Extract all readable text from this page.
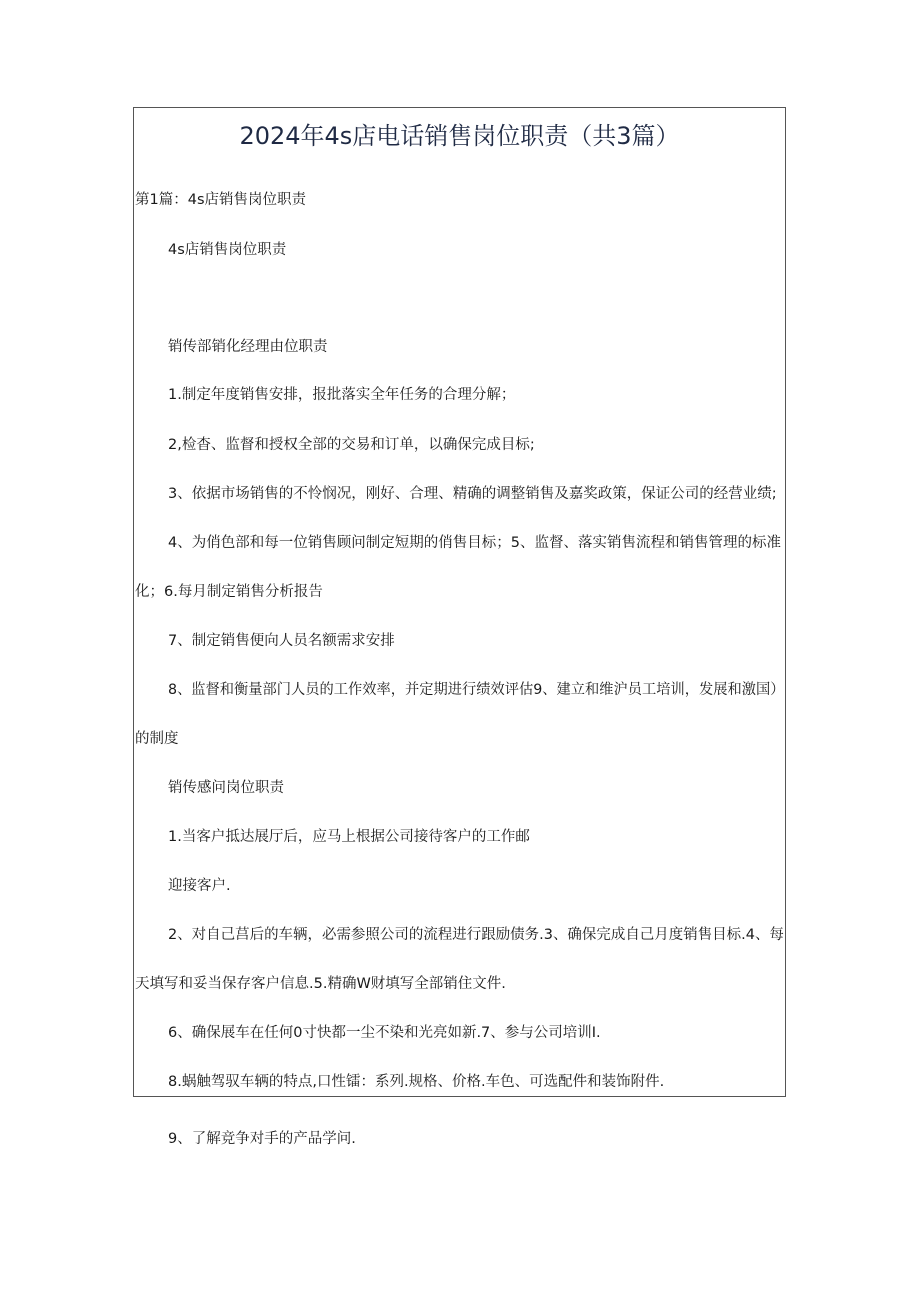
2024年4s店电话销售岗位职责（共3篇）
第1篇：4s店销售岗位职责
4s店销售岗位职责
销传部销化经理由位职责
1.制定年度销售安排，报批落实全年任务的合理分解；
2,检杳、监督和授权全部的交易和订单，以确保完成目标;
3、依据市场销售的不怜悯况，刚好、合理、精确的调整销售及嘉奖政策，保证公司的经营业绩;
4、为俏色部和每一位销售顾问制定短期的俏售目标；5、监督、落实销售流程和销售管理的标准
化；6.每月制定销售分析报告
7、制定销售便向人员名额需求安排
8、监督和衡量部门人员的工作效率，并定期进行绩效评估9、建立和维沪员工培训，发展和激国）
的制度
销传感问岗位职责
1.当客户抵达展厅后，应马上根据公司接待客户的工作邮
迎接客户.
2、对自己莒后的车辆，必需参照公司的流程进行跟励债务.3、确保完成自己月度销售目标.4、每
天填写和妥当保存客户信息.5.精确W财填写全部销住文件.
6、确保展车在任何0寸快都一尘不染和光亮如新.7、参与公司培训I.
8.蜗触驾驭车辆的特点,口性镭：系列.规格、价格.车色、可选配件和装饰附件.
9、了解竞争对手的产品学问.
